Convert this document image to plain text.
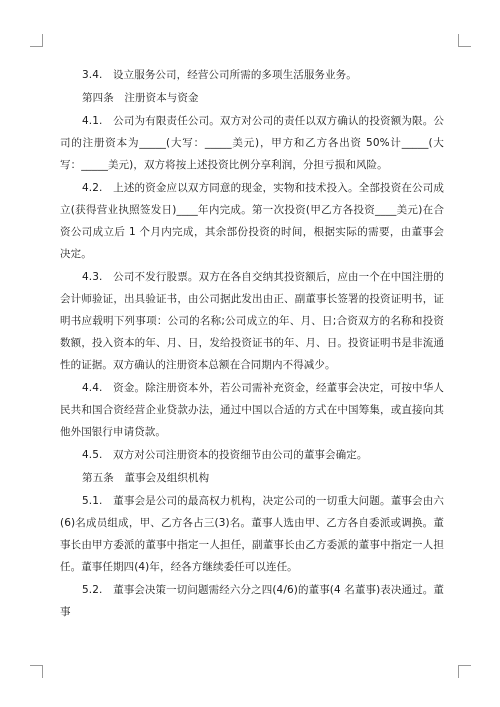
3.4.　设立服务公司，经营公司所需的多项生活服务业务。

第四条　注册资本与资金

4.1.　公司为有限责任公司。双方对公司的责任以双方确认的投资额为限。公司的注册资本为_____(大写：_____美元)，甲方和乙方各出资 50%计_____(大写：_____美元)，双方将按上述投资比例分享利润，分担亏损和风险。

4.2.　上述的资金应以双方同意的现金，实物和技术投入。全部投资在公司成立(获得营业执照签发日)____年内完成。第一次投资(甲乙方各投资____美元)在合资公司成立后 1 个月内完成，其余部份投资的时间，根据实际的需要，由董事会决定。

4.3.　公司不发行股票。双方在各自交纳其投资额后，应由一个在中国注册的会计师验证，出具验证书，由公司据此发出由正、副董事长签署的投资证明书，证明书应载明下列事项：公司的名称;公司成立的年、月、日;合资双方的名称和投资数额，投入资本的年、月、日，发给投资证书的年、月、日。投资证明书是非流通性的证据。双方确认的注册资本总额在合同期内不得减少。

4.4.　资金。除注册资本外，若公司需补充资金，经董事会决定，可按中华人民共和国合资经营企业贷款办法，通过中国以合适的方式在中国筹集，或直接向其他外国银行申请贷款。

4.5.　双方对公司注册资本的投资细节由公司的董事会确定。

第五条　董事会及组织机构

5.1.　董事会是公司的最高权力机构，决定公司的一切重大问题。董事会由六(6)名成员组成，甲、乙方各占三(3)名。董事人选由甲、乙方各自委派或调换。董事长由甲方委派的董事中指定一人担任，副董事长由乙方委派的董事中指定一人担任。董事任期四(4)年，经各方继续委任可以连任。

5.2.　董事会决策一切问题需经六分之四(4/6)的董事(4 名董事)表决通过。董事
